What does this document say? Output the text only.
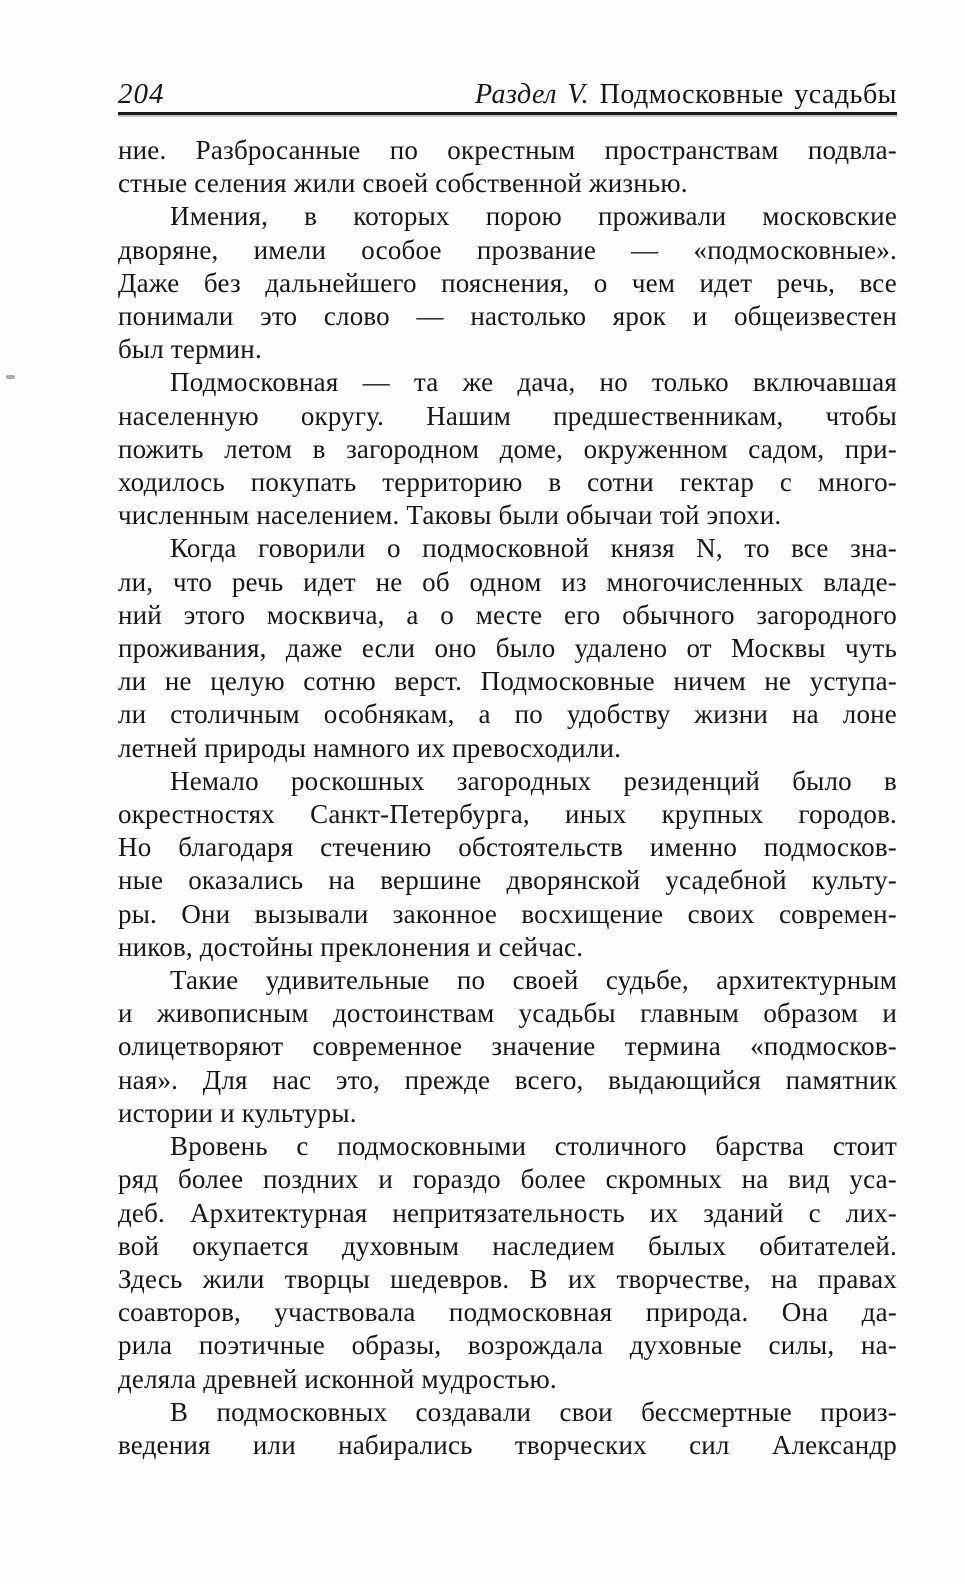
204	Раздел V. Подмосковные усадьбы
ние. Разбросанные по окрестным пространствам подвла-
стные селения жили своей собственной жизнью.
Имения, в которых порою проживали московские
дворяне, имели особое прозвание — «подмосковные».
Даже без дальнейшего пояснения, о чем идет речь, все
понимали это слово — настолько ярок и общеизвестен
был термин.
Подмосковная — та же дача, но только включавшая
населенную округу. Нашим предшественникам, чтобы
пожить летом в загородном доме, окруженном садом, при-
ходилось покупать территорию в сотни гектар с много-
численным населением. Таковы были обычаи той эпохи.
Когда говорили о подмосковной князя N, то все зна-
ли, что речь идет не об одном из многочисленных владе-
ний этого москвича, а о месте его обычного загородного
проживания, даже если оно было удалено от Москвы чуть
ли не целую сотню верст. Подмосковные ничем не уступа-
ли столичным особнякам, а по удобству жизни на лоне
летней природы намного их превосходили.
Немало роскошных загородных резиденций было в
окрестностях Санкт-Петербурга, иных крупных городов.
Но благодаря стечению обстоятельств именно подмосков-
ные оказались на вершине дворянской усадебной культу-
ры. Они вызывали законное восхищение своих современ-
ников, достойны преклонения и сейчас.
Такие удивительные по своей судьбе, архитектурным
и живописным достоинствам усадьбы главным образом и
олицетворяют современное значение термина «подмосков-
ная». Для нас это, прежде всего, выдающийся памятник
истории и культуры.
Вровень с подмосковными столичного барства стоит
ряд более поздних и гораздо более скромных на вид уса-
деб. Архитектурная непритязательность их зданий с лих-
вой окупается духовным наследием былых обитателей.
Здесь жили творцы шедевров. В их творчестве, на правах
соавторов, участвовала подмосковная природа. Она да-
рила поэтичные образы, возрождала духовные силы, на-
деляла древней исконной мудростью.
В подмосковных создавали свои бессмертные произ-
ведения или набирались творческих сил Александр
